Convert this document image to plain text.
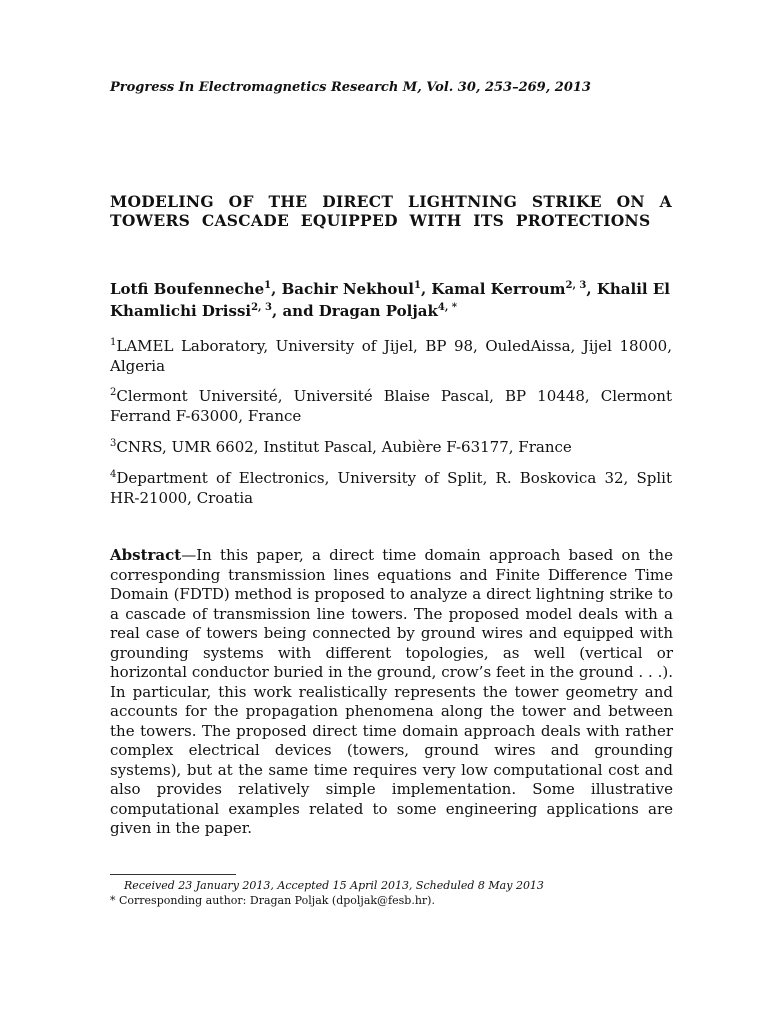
Progress In Electromagnetics Research M, Vol. 30, 253–269, 2013
MODELING OF THE DIRECT LIGHTNING STRIKE ON A TOWERS CASCADE EQUIPPED WITH ITS PROTECTIONS
Lotfi Boufenneche$^1$, Bachir Nekhoul$^1$, Kamal Kerroum$^{2, 3}$, Khalil El Khamlichi Drissi$^{2, 3}$, and Dragan Poljak$^{4, *}$
$^1$LAMEL Laboratory, University of Jijel, BP 98, OuledAissa, Jijel 18000, Algeria
$^2$Clermont Université, Université Blaise Pascal, BP 10448, Clermont Ferrand F-63000, France
$^3$CNRS, UMR 6602, Institut Pascal, Aubière F-63177, France
$^4$Department of Electronics, University of Split, R. Boskovica 32, Split HR-21000, Croatia
Abstract—In this paper, a direct time domain approach based on the corresponding transmission lines equations and Finite Difference Time Domain (FDTD) method is proposed to analyze a direct lightning strike to a cascade of transmission line towers. The proposed model deals with a real case of towers being connected by ground wires and equipped with grounding systems with different topologies, as well (vertical or horizontal conductor buried in the ground, crow’s feet in the ground . . .). In particular, this work realistically represents the tower geometry and accounts for the propagation phenomena along the tower and between the towers. The proposed direct time domain approach deals with rather complex electrical devices (towers, ground wires and grounding systems), but at the same time requires very low computational cost and also provides relatively simple implementation. Some illustrative computational examples related to some engineering applications are given in the paper.
Received 23 January 2013, Accepted 15 April 2013, Scheduled 8 May 2013
* Corresponding author: Dragan Poljak (dpoljak@fesb.hr).
